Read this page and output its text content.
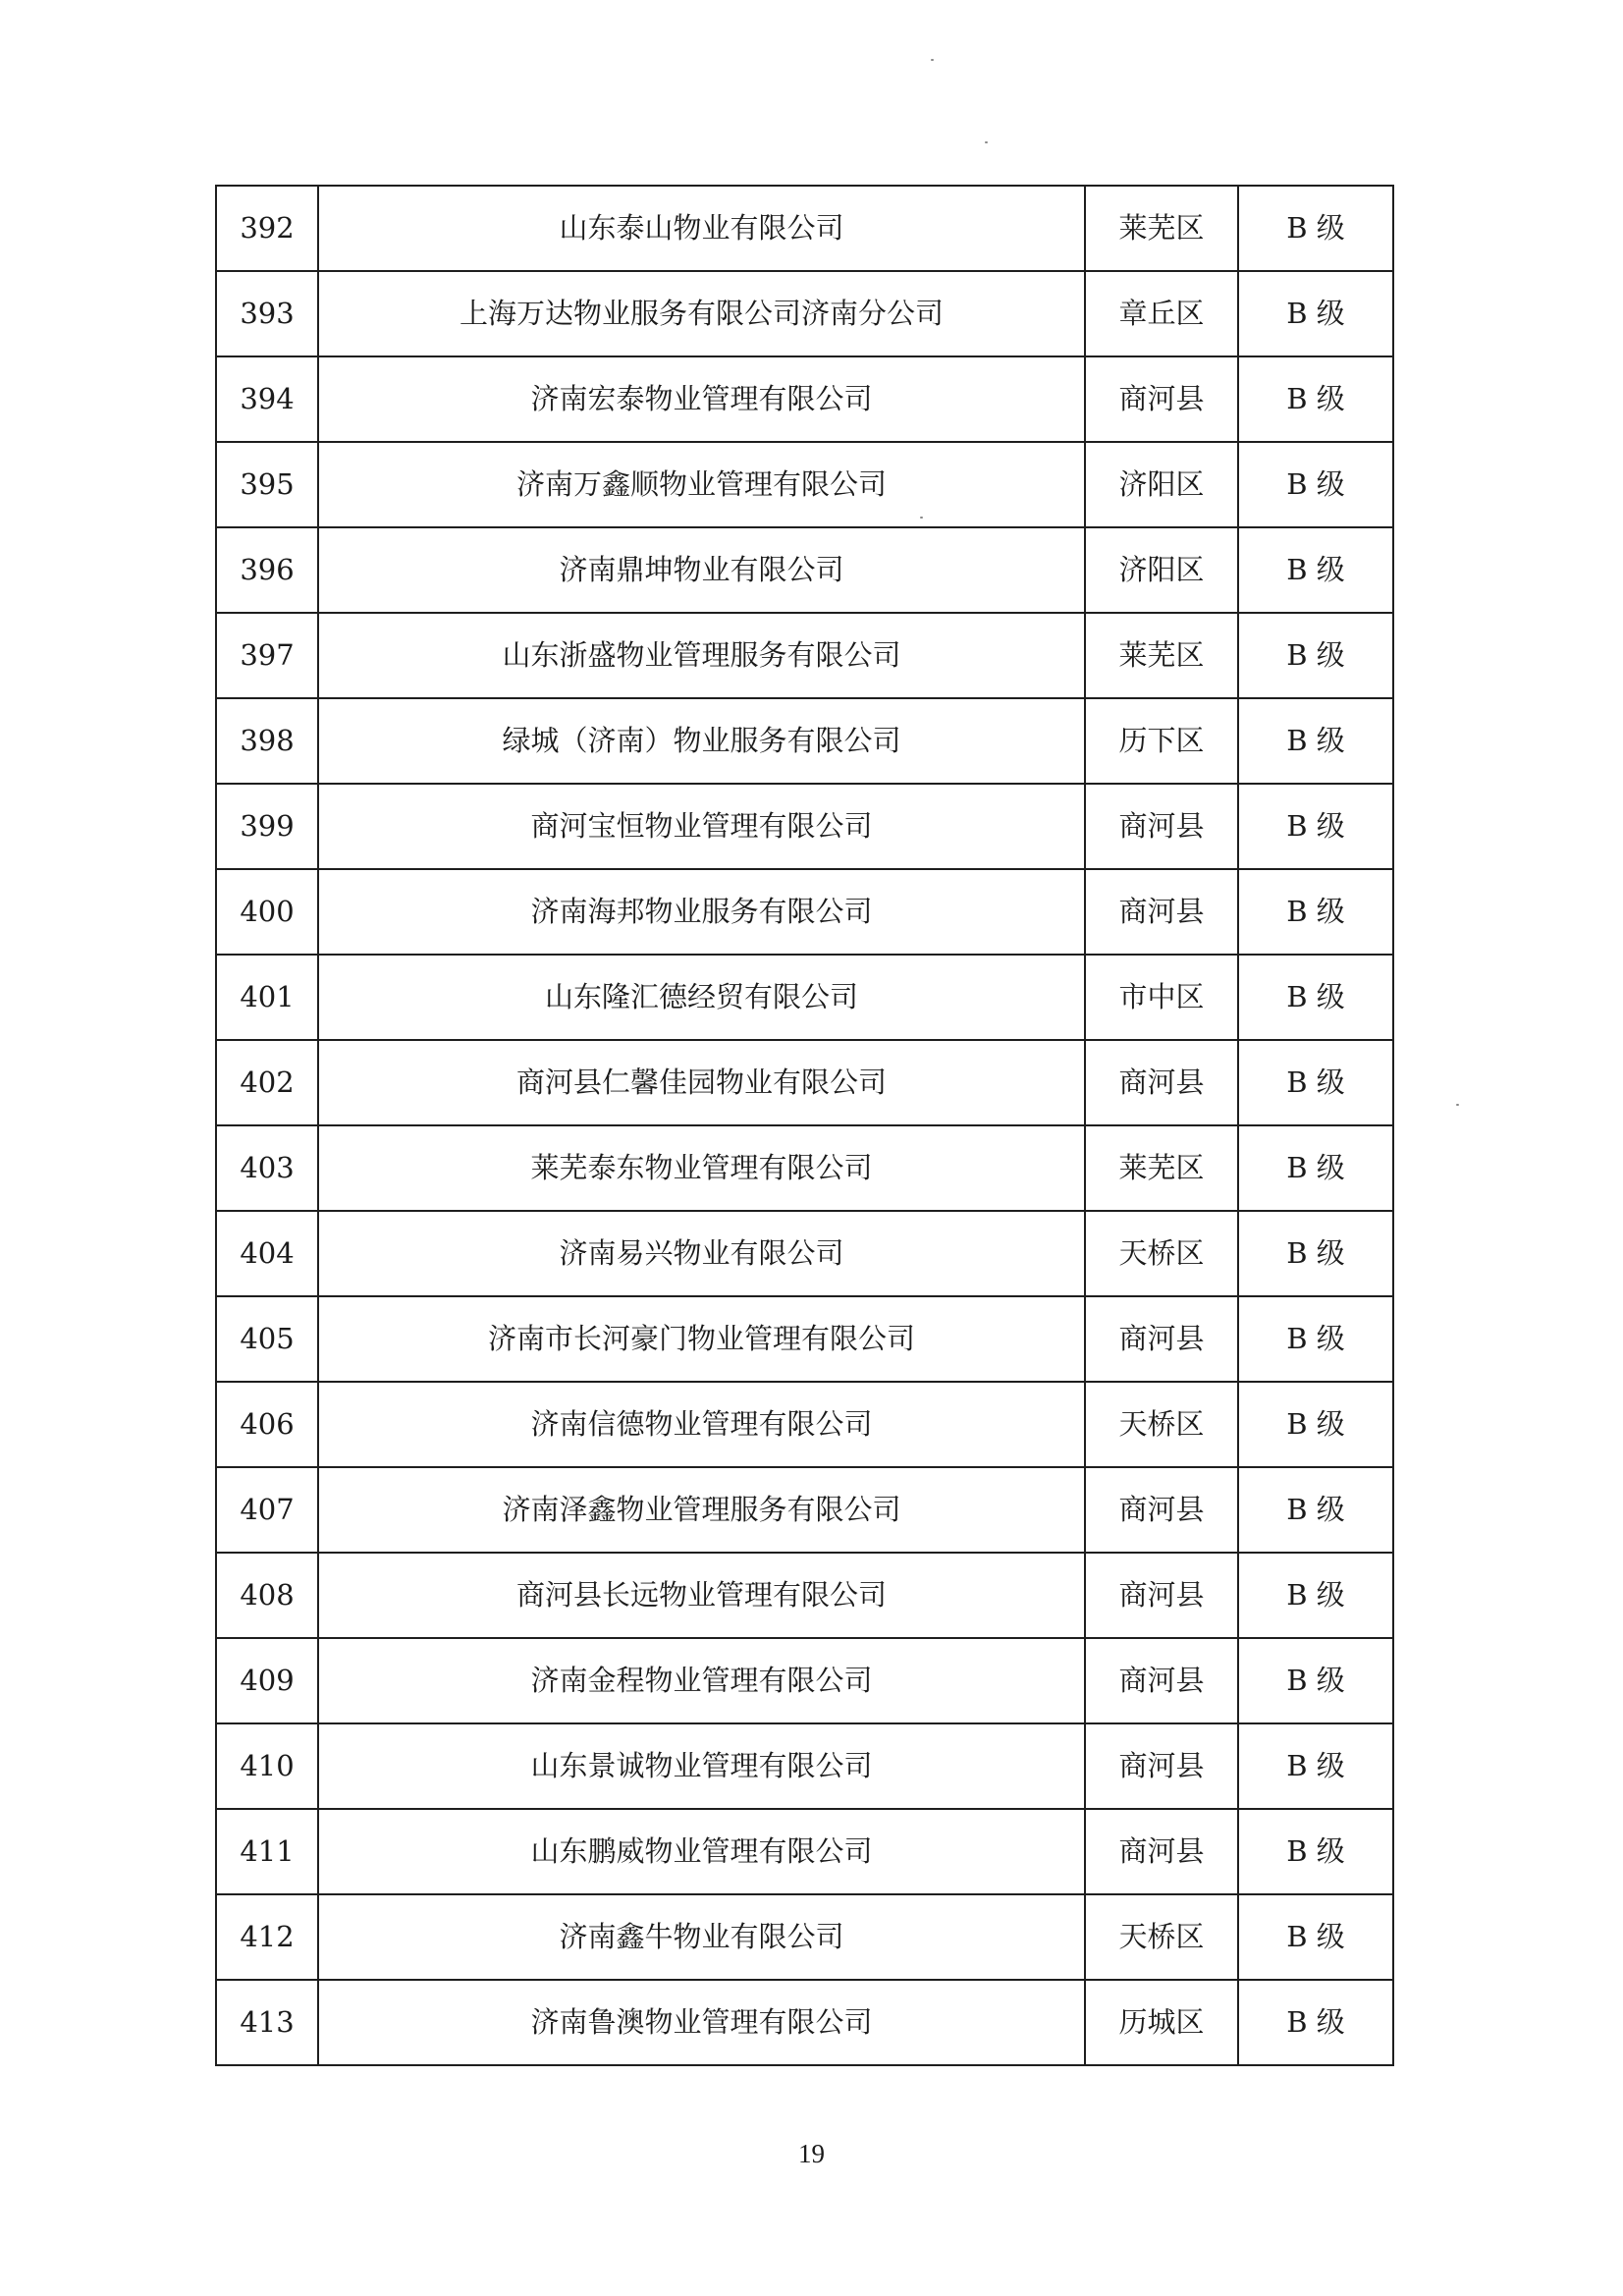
392	山东泰山物业有限公司	莱芜区	B 级
393	上海万达物业服务有限公司济南分公司	章丘区	B 级
394	济南宏泰物业管理有限公司	商河县	B 级
395	济南万鑫顺物业管理有限公司	济阳区	B 级
396	济南鼎坤物业有限公司	济阳区	B 级
397	山东浙盛物业管理服务有限公司	莱芜区	B 级
398	绿城（济南）物业服务有限公司	历下区	B 级
399	商河宝恒物业管理有限公司	商河县	B 级
400	济南海邦物业服务有限公司	商河县	B 级
401	山东隆汇德经贸有限公司	市中区	B 级
402	商河县仁馨佳园物业有限公司	商河县	B 级
403	莱芜泰东物业管理有限公司	莱芜区	B 级
404	济南易兴物业有限公司	天桥区	B 级
405	济南市长河豪门物业管理有限公司	商河县	B 级
406	济南信德物业管理有限公司	天桥区	B 级
407	济南泽鑫物业管理服务有限公司	商河县	B 级
408	商河县长远物业管理有限公司	商河县	B 级
409	济南金程物业管理有限公司	商河县	B 级
410	山东景诚物业管理有限公司	商河县	B 级
411	山东鹏威物业管理有限公司	商河县	B 级
412	济南鑫牛物业有限公司	天桥区	B 级
413	济南鲁澳物业管理有限公司	历城区	B 级
19
